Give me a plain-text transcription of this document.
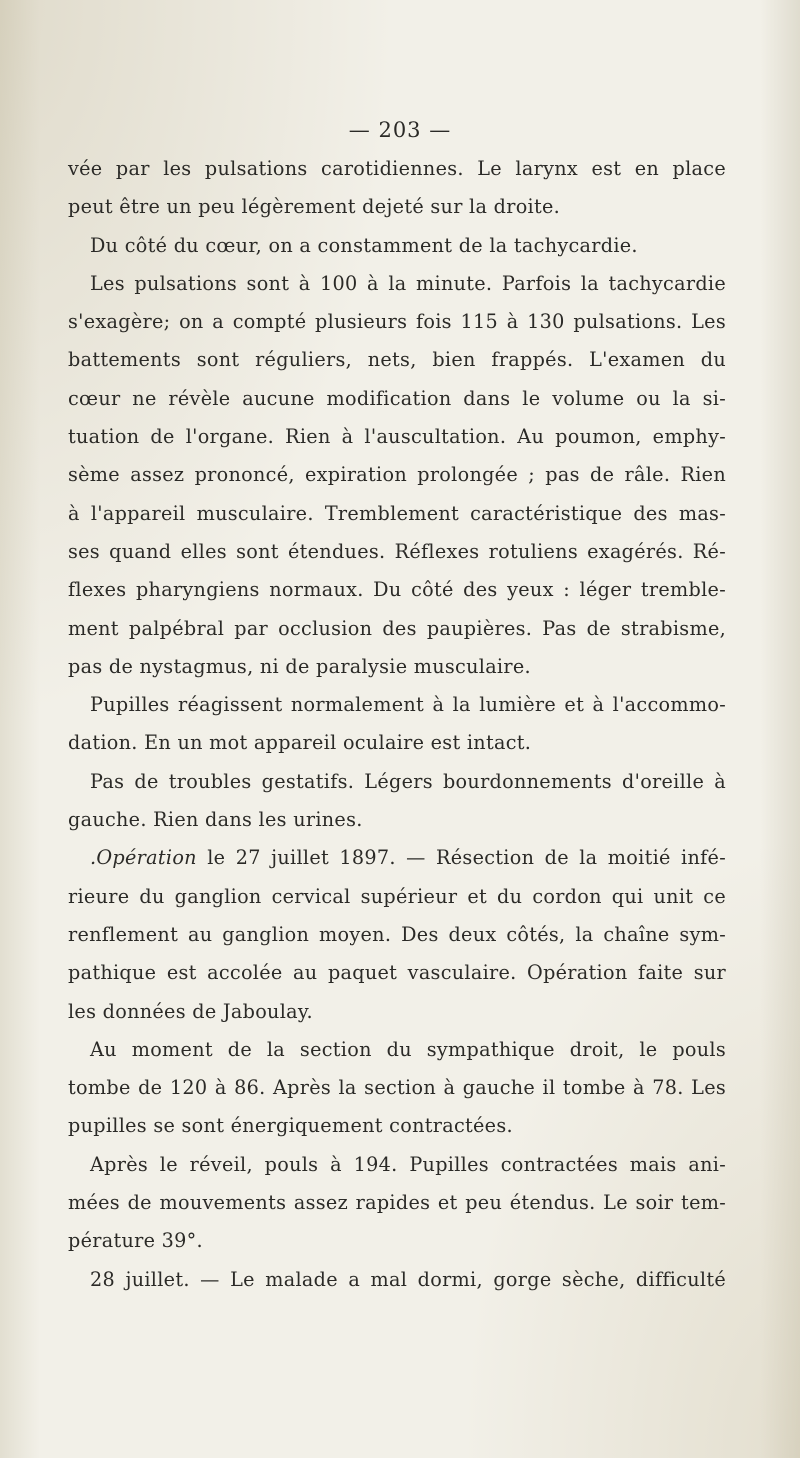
— 203 —
vée par les pulsations carotidiennes. Le larynx est en place
peut être un peu légèrement dejeté sur la droite.
Du côté du cœur, on a constamment de la tachycardie.
Les pulsations sont à 100 à la minute. Parfois la tachycardie
s'exagère; on a compté plusieurs fois 115 à 130 pulsations. Les
battements sont réguliers, nets, bien frappés. L'examen du
cœur ne révèle aucune modification dans le volume ou la si-
tuation de l'organe. Rien à l'auscultation. Au poumon, emphy-
sème assez prononcé, expiration prolongée ; pas de râle. Rien
à l'appareil musculaire. Tremblement caractéristique des mas-
ses quand elles sont étendues. Réflexes rotuliens exagérés. Ré-
flexes pharyngiens normaux. Du côté des yeux : léger tremble-
ment palpébral par occlusion des paupières. Pas de strabisme,
pas de nystagmus, ni de paralysie musculaire.
Pupilles réagissent normalement à la lumière et à l'accommo-
dation. En un mot appareil oculaire est intact.
Pas de troubles gestatifs. Légers bourdonnements d'oreille à
gauche. Rien dans les urines.
.Opération le 27 juillet 1897. — Résection de la moitié infé-
rieure du ganglion cervical supérieur et du cordon qui unit ce
renflement au ganglion moyen. Des deux côtés, la chaîne sym-
pathique est accolée au paquet vasculaire. Opération faite sur
les données de Jaboulay.
Au moment de la section du sympathique droit, le pouls
tombe de 120 à 86. Après la section à gauche il tombe à 78. Les
pupilles se sont énergiquement contractées.
Après le réveil, pouls à 194. Pupilles contractées mais ani-
mées de mouvements assez rapides et peu étendus. Le soir tem-
pérature 39°.
28 juillet. — Le malade a mal dormi, gorge sèche, difficulté
